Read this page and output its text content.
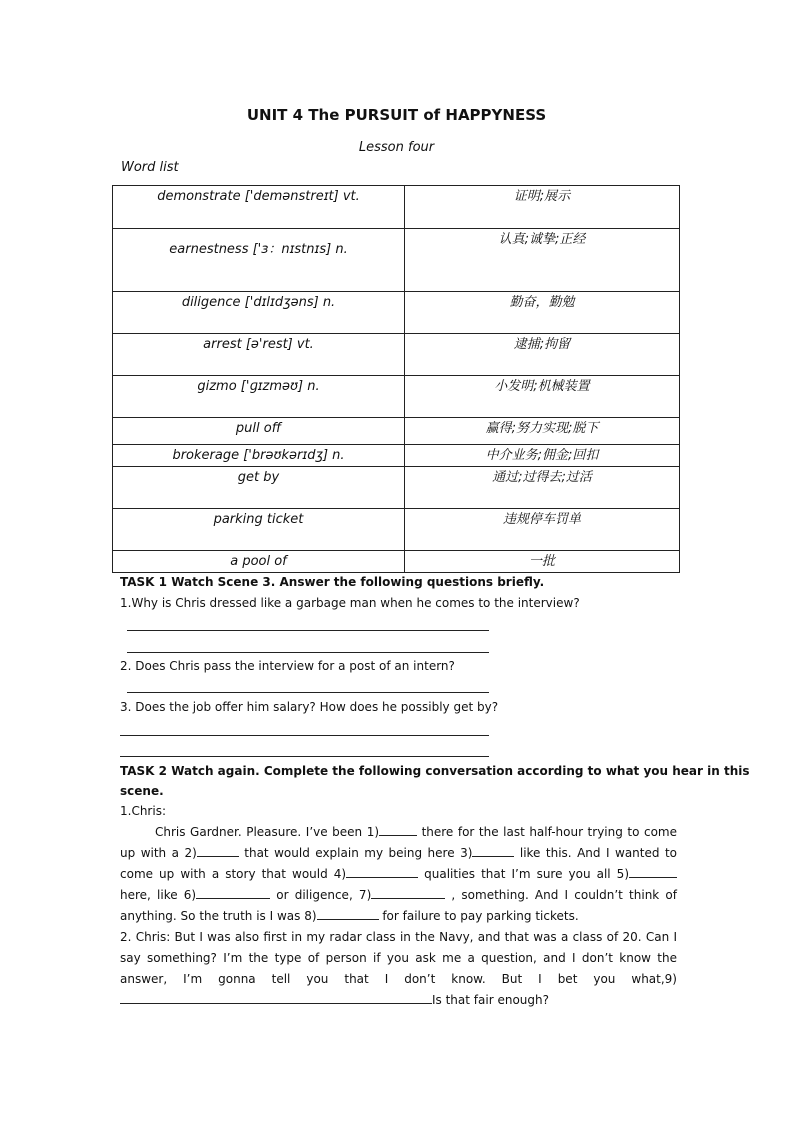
UNIT 4 The PURSUIT of HAPPYNESS
Lesson four
Word list
demonstrate ['demənstreɪt] vt.	证明;展示
earnestness ['ɜ：nɪstnɪs] n.	认真;诚挚;正经
diligence ['dɪlɪdʒəns] n.	勤奋，勤勉
arrest [ə'rest] vt.	逮捕;拘留
gizmo ['ɡɪzməʊ] n.	小发明;机械装置
pull off	赢得;努力实现;脱下
brokerage ['brəʊkərɪdʒ] n.	中介业务;佣金;回扣
get by	通过;过得去;过活
parking ticket	违规停车罚单
a pool of	一批
TASK 1 Watch Scene 3. Answer the following questions briefly.
1.Why is Chris dressed like a garbage man when he comes to the interview?
2. Does Chris pass the interview for a post of an intern?
3. Does the job offer him salary? How does he possibly get by?
TASK 2 Watch again. Complete the following conversation according to what you hear in this
scene.
1.Chris:
Chris Gardner. Pleasure. I’ve been 1)	there for the last half-hour trying to come up with a 2)	that would explain my being here 3)	like this. And I wanted to come up with a story that would 4)	qualities that I’m sure you all 5) here, like 6)	or diligence, 7)	, something. And I couldn’t think of anything. So the truth is I was 8)	for failure to pay parking tickets.
2. Chris: But I was also first in my radar class in the Navy, and that was a class of 20. Can I say something? I’m the type of person if you ask me a question, and I don’t know the answer, I’m gonna tell you that I don’t know. But I bet you what,9)Is that fair enough?
